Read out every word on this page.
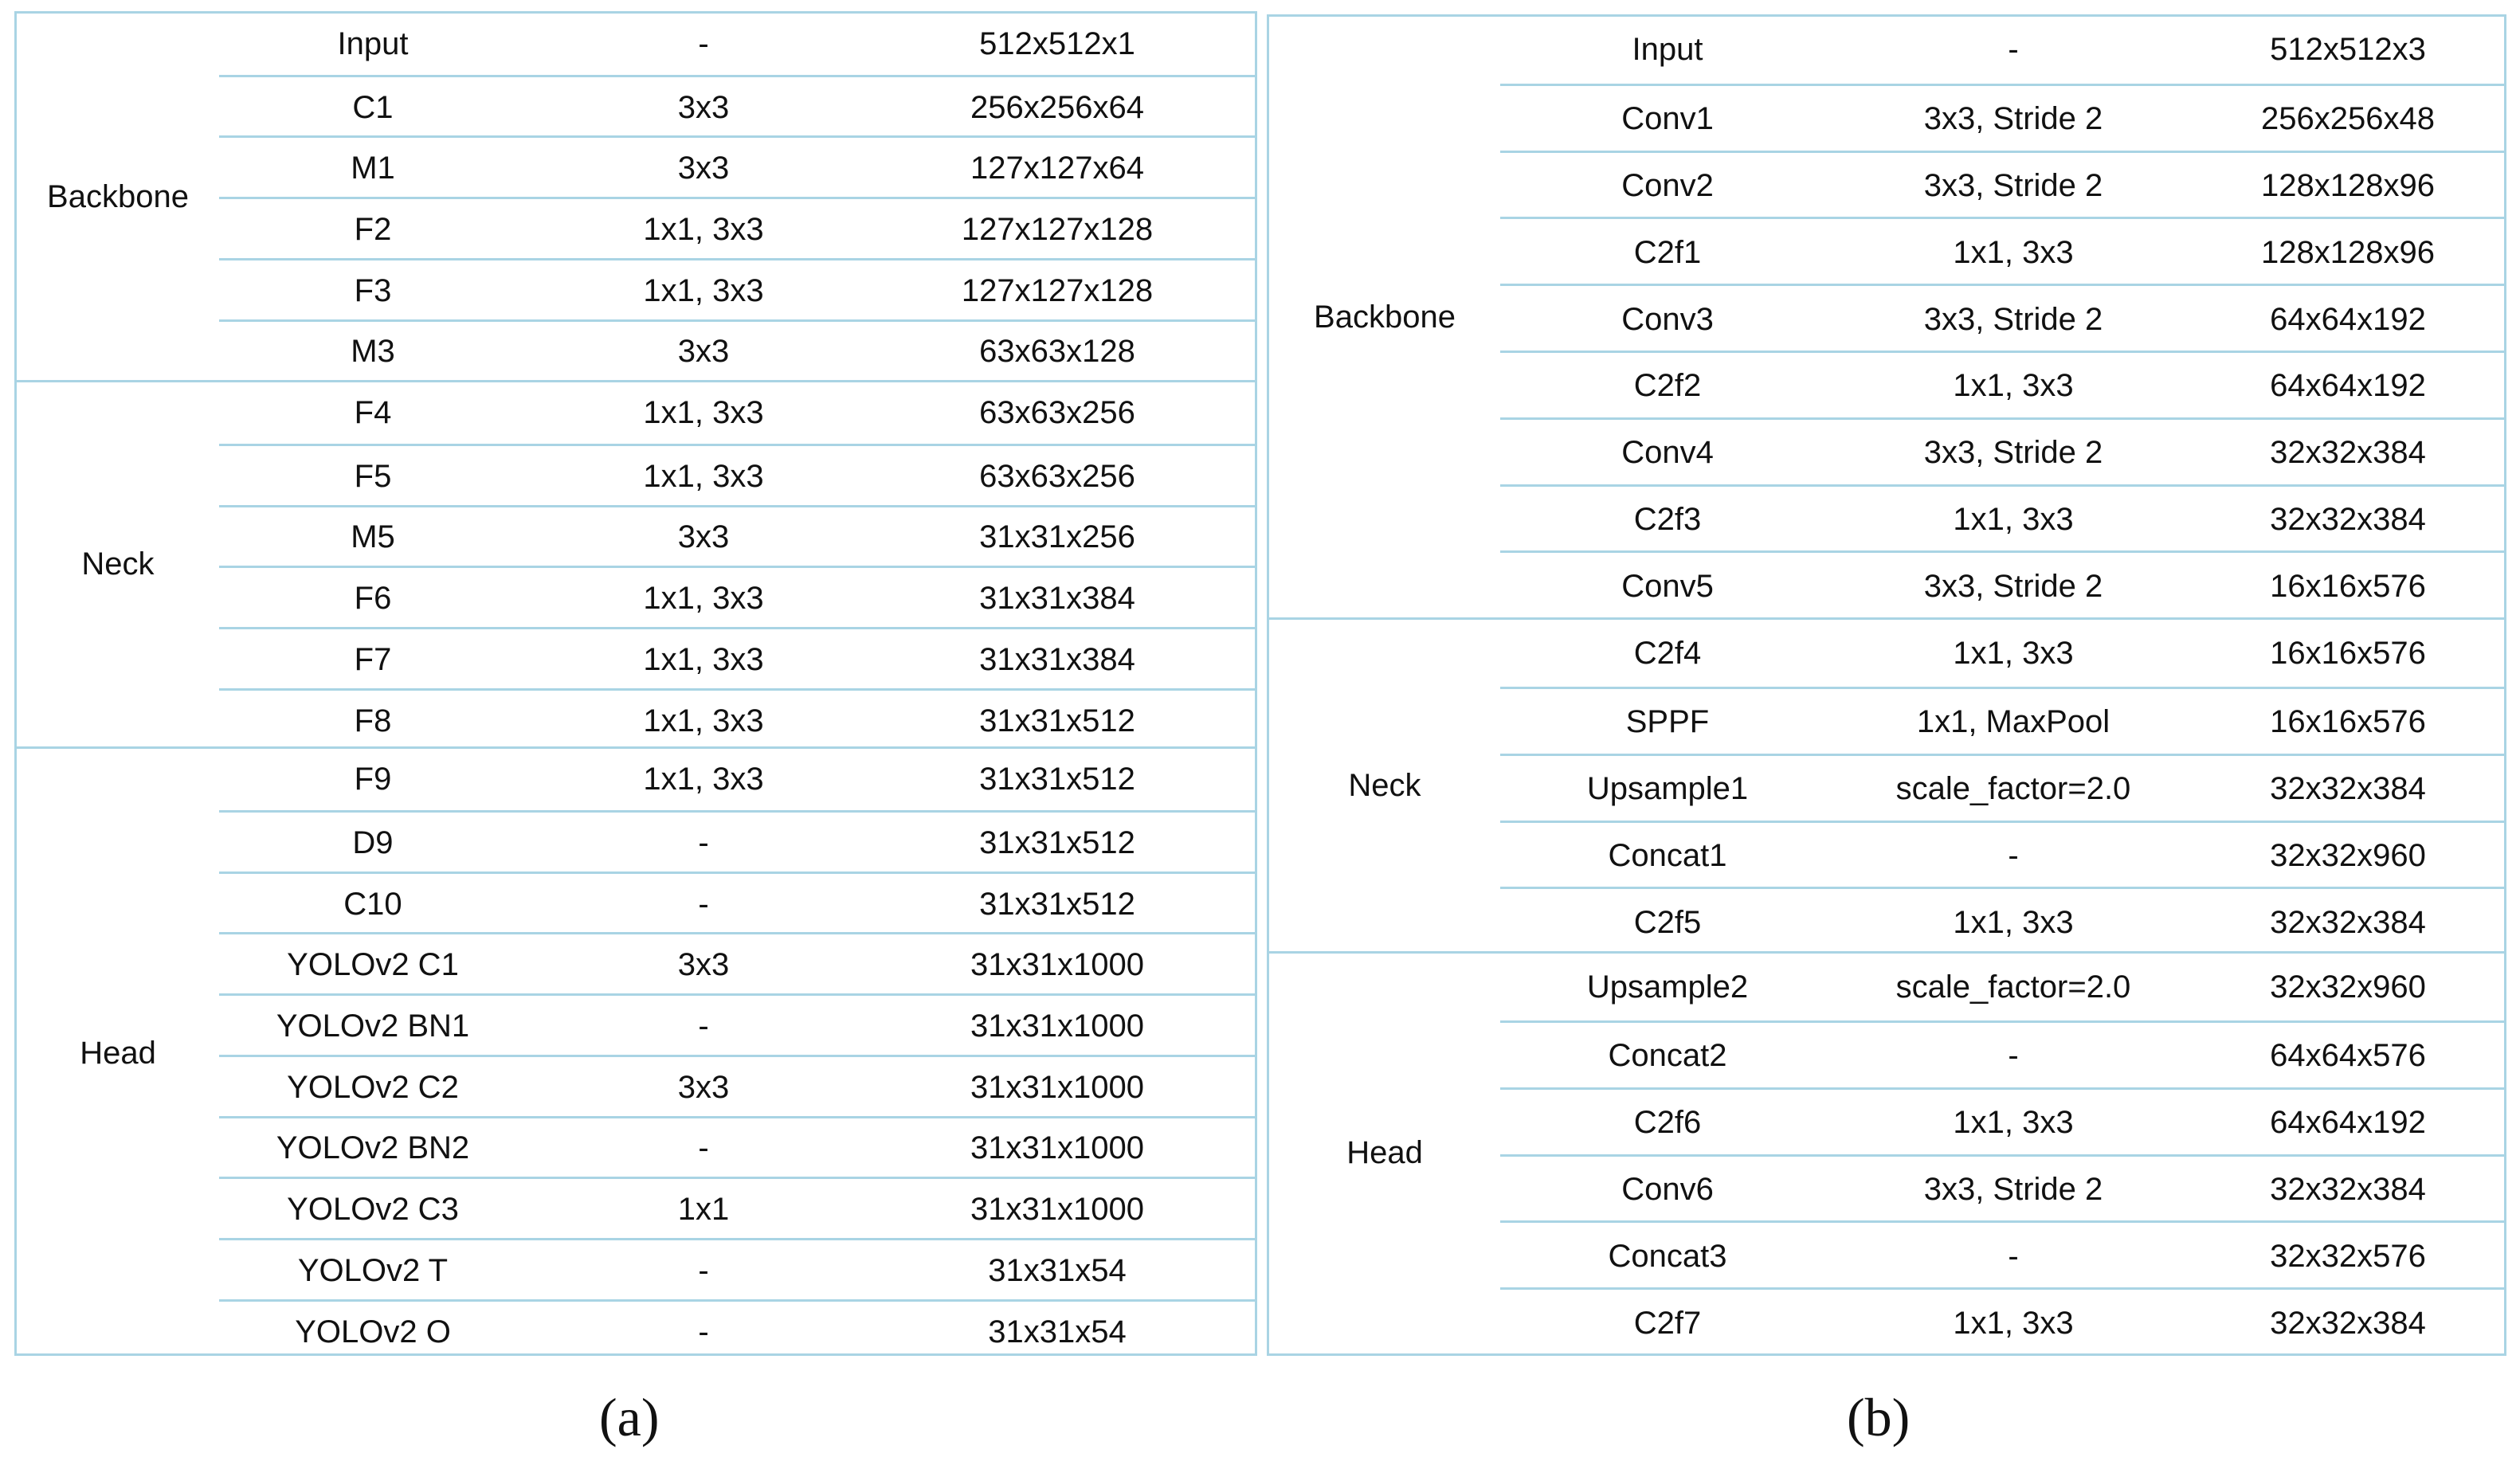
Backbone
Input	-	512x512x1
C1	3x3	256x256x64
M1	3x3	127x127x64
F2	1x1, 3x3	127x127x128
F3	1x1, 3x3	127x127x128
M3	3x3	63x63x128
Neck
F4	1x1, 3x3	63x63x256
F5	1x1, 3x3	63x63x256
M5	3x3	31x31x256
F6	1x1, 3x3	31x31x384
F7	1x1, 3x3	31x31x384
F8	1x1, 3x3	31x31x512
Head
F9	1x1, 3x3	31x31x512
D9	-	31x31x512
C10	-	31x31x512
YOLOv2 C1	3x3	31x31x1000
YOLOv2 BN1	-	31x31x1000
YOLOv2 C2	3x3	31x31x1000
YOLOv2 BN2	-	31x31x1000
YOLOv2 C3	1x1	31x31x1000
YOLOv2 T	-	31x31x54
YOLOv2 O	-	31x31x54
Backbone
Input	-	512x512x3
Conv1	3x3, Stride 2	256x256x48
Conv2	3x3, Stride 2	128x128x96
C2f1	1x1, 3x3	128x128x96
Conv3	3x3, Stride 2	64x64x192
C2f2	1x1, 3x3	64x64x192
Conv4	3x3, Stride 2	32x32x384
C2f3	1x1, 3x3	32x32x384
Conv5	3x3, Stride 2	16x16x576
Neck
C2f4	1x1, 3x3	16x16x576
SPPF	1x1, MaxPool	16x16x576
Upsample1	scale_factor=2.0	32x32x384
Concat1	-	32x32x960
C2f5	1x1, 3x3	32x32x384
Head
Upsample2	scale_factor=2.0	32x32x960
Concat2	-	64x64x576
C2f6	1x1, 3x3	64x64x192
Conv6	3x3, Stride 2	32x32x384
Concat3	-	32x32x576
C2f7	1x1, 3x3	32x32x384
(a)	(b)
